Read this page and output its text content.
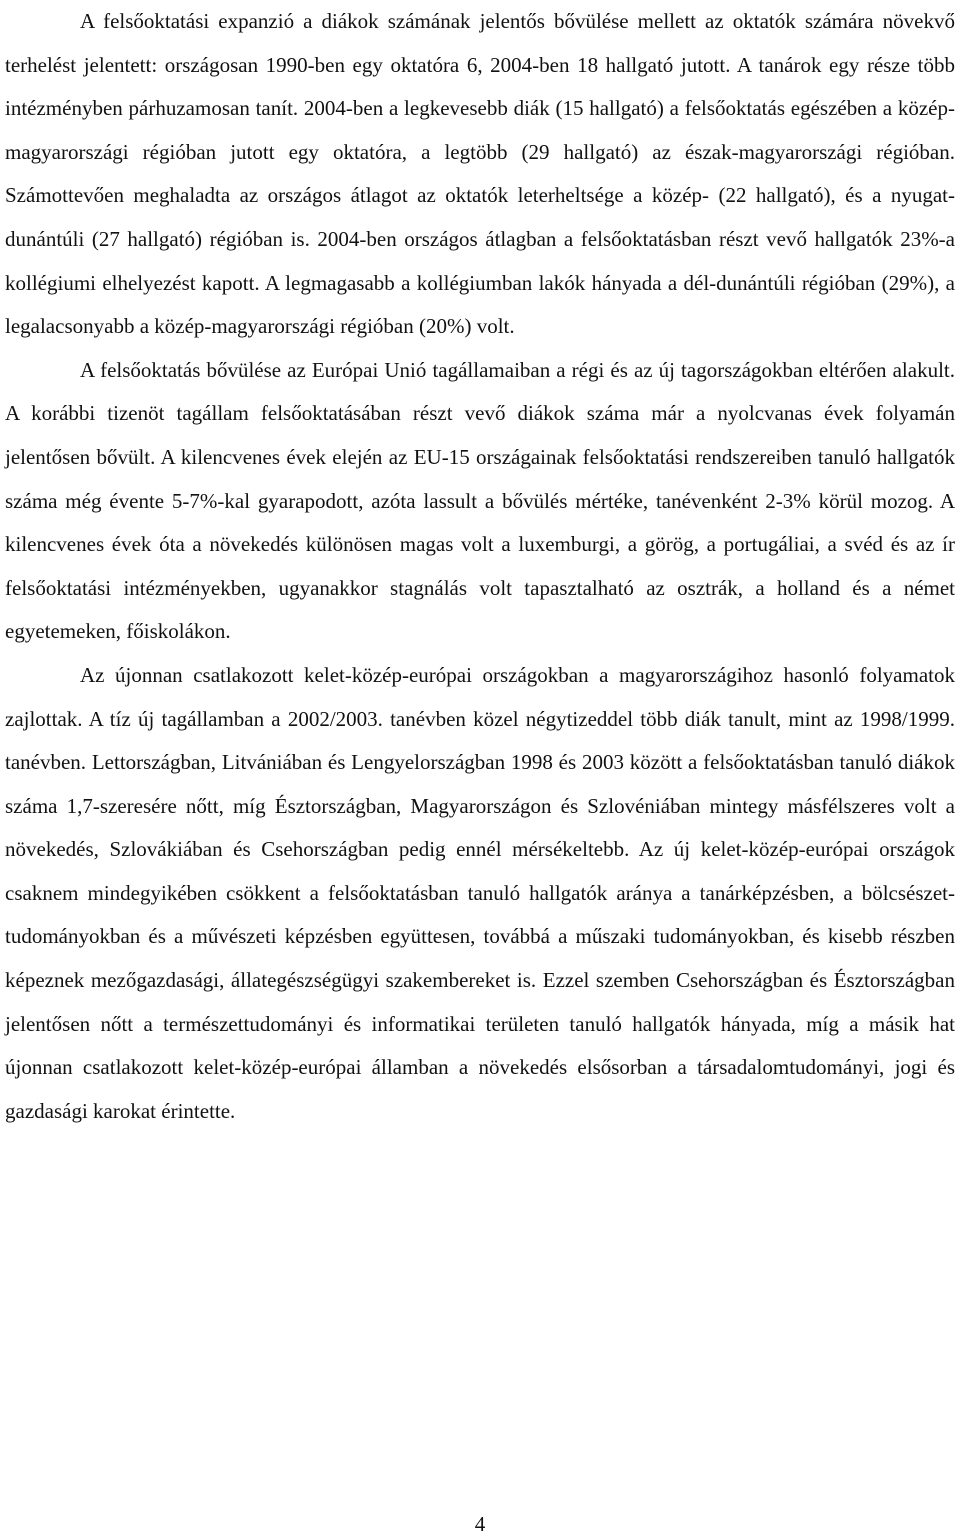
A felsőoktatási expanzió a diákok számának jelentős bővülése mellett az oktatók számára növekvő terhelést jelentett: országosan 1990-ben egy oktatóra 6, 2004-ben 18 hallgató jutott. A tanárok egy része több intézményben párhuzamosan tanít. 2004-ben a legkevesebb diák (15 hallgató) a felsőoktatás egészében a közép-magyarországi régióban jutott egy oktatóra, a legtöbb (29 hallgató) az észak-magyarországi régióban. Számottevően meghaladta az országos átlagot az oktatók leterheltsége a közép- (22 hallgató), és a nyugat-dunántúli (27 hallgató) régióban is. 2004-ben országos átlagban a felsőoktatásban részt vevő hallgatók 23%-a kollégiumi elhelyezést kapott. A legmagasabb a kollégiumban lakók hányada a dél-dunántúli régióban (29%), a legalacsonyabb a közép-magyarországi régióban (20%) volt.

A felsőoktatás bővülése az Európai Unió tagállamaiban a régi és az új tagországokban eltérően alakult. A korábbi tizenöt tagállam felsőoktatásában részt vevő diákok száma már a nyolcvanas évek folyamán jelentősen bővült. A kilencvenes évek elején az EU-15 országainak felsőoktatási rendszereiben tanuló hallgatók száma még évente 5-7%-kal gyarapodott, azóta lassult a bővülés mértéke, tanévenként 2-3% körül mozog. A kilencvenes évek óta a növekedés különösen magas volt a luxemburgi, a görög, a portugáliai, a svéd és az ír felsőoktatási intézményekben, ugyanakkor stagnálás volt tapasztalható az osztrák, a holland és a német egyetemeken, főiskolákon.

Az újonnan csatlakozott kelet-közép-európai országokban a magyarországihoz hasonló folyamatok zajlottak. A tíz új tagállamban a 2002/2003. tanévben közel négytizeddel több diák tanult, mint az 1998/1999. tanévben. Lettországban, Litvániában és Lengyelországban 1998 és 2003 között a felsőoktatásban tanuló diákok száma 1,7-szeresére nőtt, míg Észtországban, Magyarországon és Szlovéniában mintegy másfélszeres volt a növekedés, Szlovákiában és Csehországban pedig ennél mérsékeltebb. Az új kelet-közép-európai országok csaknem mindegyikében csökkent a felsőoktatásban tanuló hallgatók aránya a tanárképzésben, a bölcsészet-tudományokban és a művészeti képzésben együttesen, továbbá a műszaki tudományokban, és kisebb részben képeznek mezőgazdasági, állategészségügyi szakembereket is. Ezzel szemben Csehországban és Észtországban jelentősen nőtt a természettudományi és informatikai területen tanuló hallgatók hányada, míg a másik hat újonnan csatlakozott kelet-közép-európai államban a növekedés elsősorban a társadalomtudományi, jogi és gazdasági karokat érintette.

4
